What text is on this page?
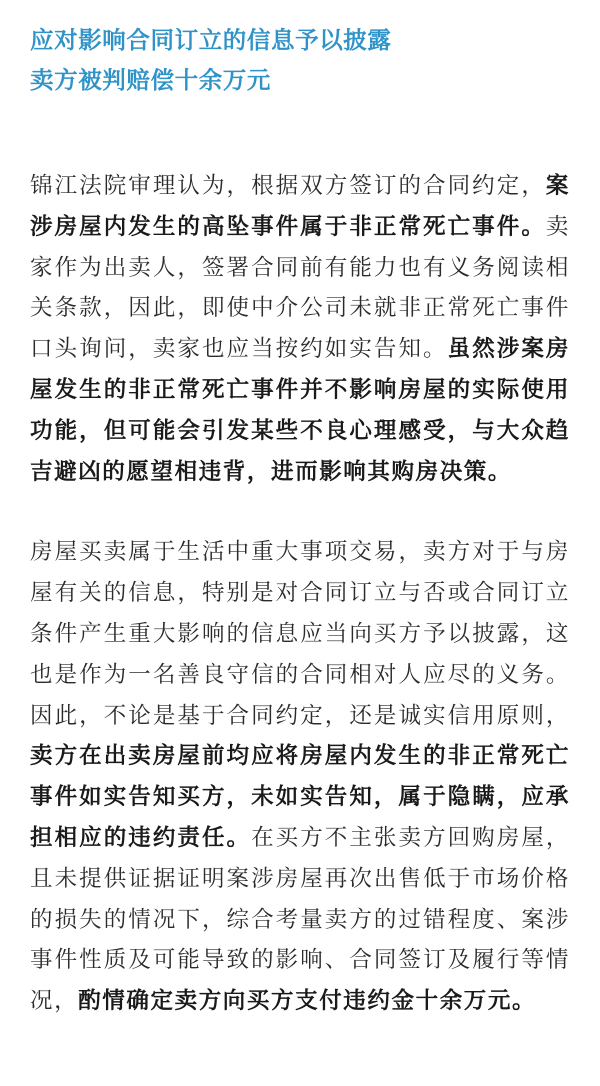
应对影响合同订立的信息予以披露
卖方被判赔偿十余万元

锦江法院审理认为，根据双方签订的合同约定，案涉房屋内发生的高坠事件属于非正常死亡事件。卖家作为出卖人，签署合同前有能力也有义务阅读相关条款，因此，即使中介公司未就非正常死亡事件口头询问，卖家也应当按约如实告知。虽然涉案房屋发生的非正常死亡事件并不影响房屋的实际使用功能，但可能会引发某些不良心理感受，与大众趋吉避凶的愿望相违背，进而影响其购房决策。

房屋买卖属于生活中重大事项交易，卖方对于与房屋有关的信息，特别是对合同订立与否或合同订立条件产生重大影响的信息应当向买方予以披露，这也是作为一名善良守信的合同相对人应尽的义务。因此，不论是基于合同约定，还是诚实信用原则，卖方在出卖房屋前均应将房屋内发生的非正常死亡事件如实告知买方，未如实告知，属于隐瞒，应承担相应的违约责任。在买方不主张卖方回购房屋，且未提供证据证明案涉房屋再次出售低于市场价格的损失的情况下，综合考量卖方的过错程度、案涉事件性质及可能导致的影响、合同签订及履行等情况，酌情确定卖方向买方支付违约金十余万元。
